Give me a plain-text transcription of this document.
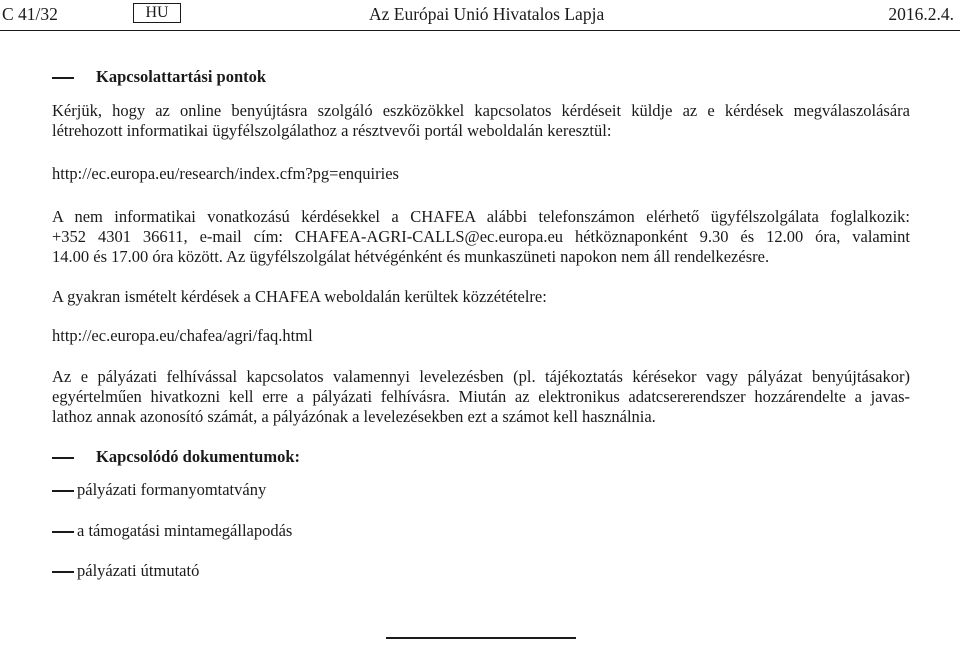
C 41/32	HU	Az Európai Unió Hivatalos Lapja	2016.2.4.
Kapcsolattartási pontok
Kérjük, hogy az online benyújtásra szolgáló eszközökkel kapcsolatos kérdéseit küldje az e kérdések megválaszolására
létrehozott informatikai ügyfélszolgálathoz a résztvevői portál weboldalán keresztül:
http://ec.europa.eu/research/index.cfm?pg=enquiries
A nem informatikai vonatkozású kérdésekkel a CHAFEA alábbi telefonszámon elérhető ügyfélszolgálata foglalkozik:
+352 4301 36611, e-mail cím: CHAFEA-AGRI-CALLS@ec.europa.eu hétköznaponként 9.30 és 12.00 óra, valamint
14.00 és 17.00 óra között. Az ügyfélszolgálat hétvégénként és munkaszüneti napokon nem áll rendelkezésre.
A gyakran ismételt kérdések a CHAFEA weboldalán kerültek közzétételre:
http://ec.europa.eu/chafea/agri/faq.html
Az e pályázati felhívással kapcsolatos valamennyi levelezésben (pl. tájékoztatás kérésekor vagy pályázat benyújtásakor)
egyértelműen hivatkozni kell erre a pályázati felhívásra. Miután az elektronikus adatcsererendszer hozzárendelte a javas-
lathoz annak azonosító számát, a pályázónak a levelezésekben ezt a számot kell használnia.
Kapcsolódó dokumentumok:
pályázati formanyomtatvány
a támogatási mintamegállapodás
pályázati útmutató
